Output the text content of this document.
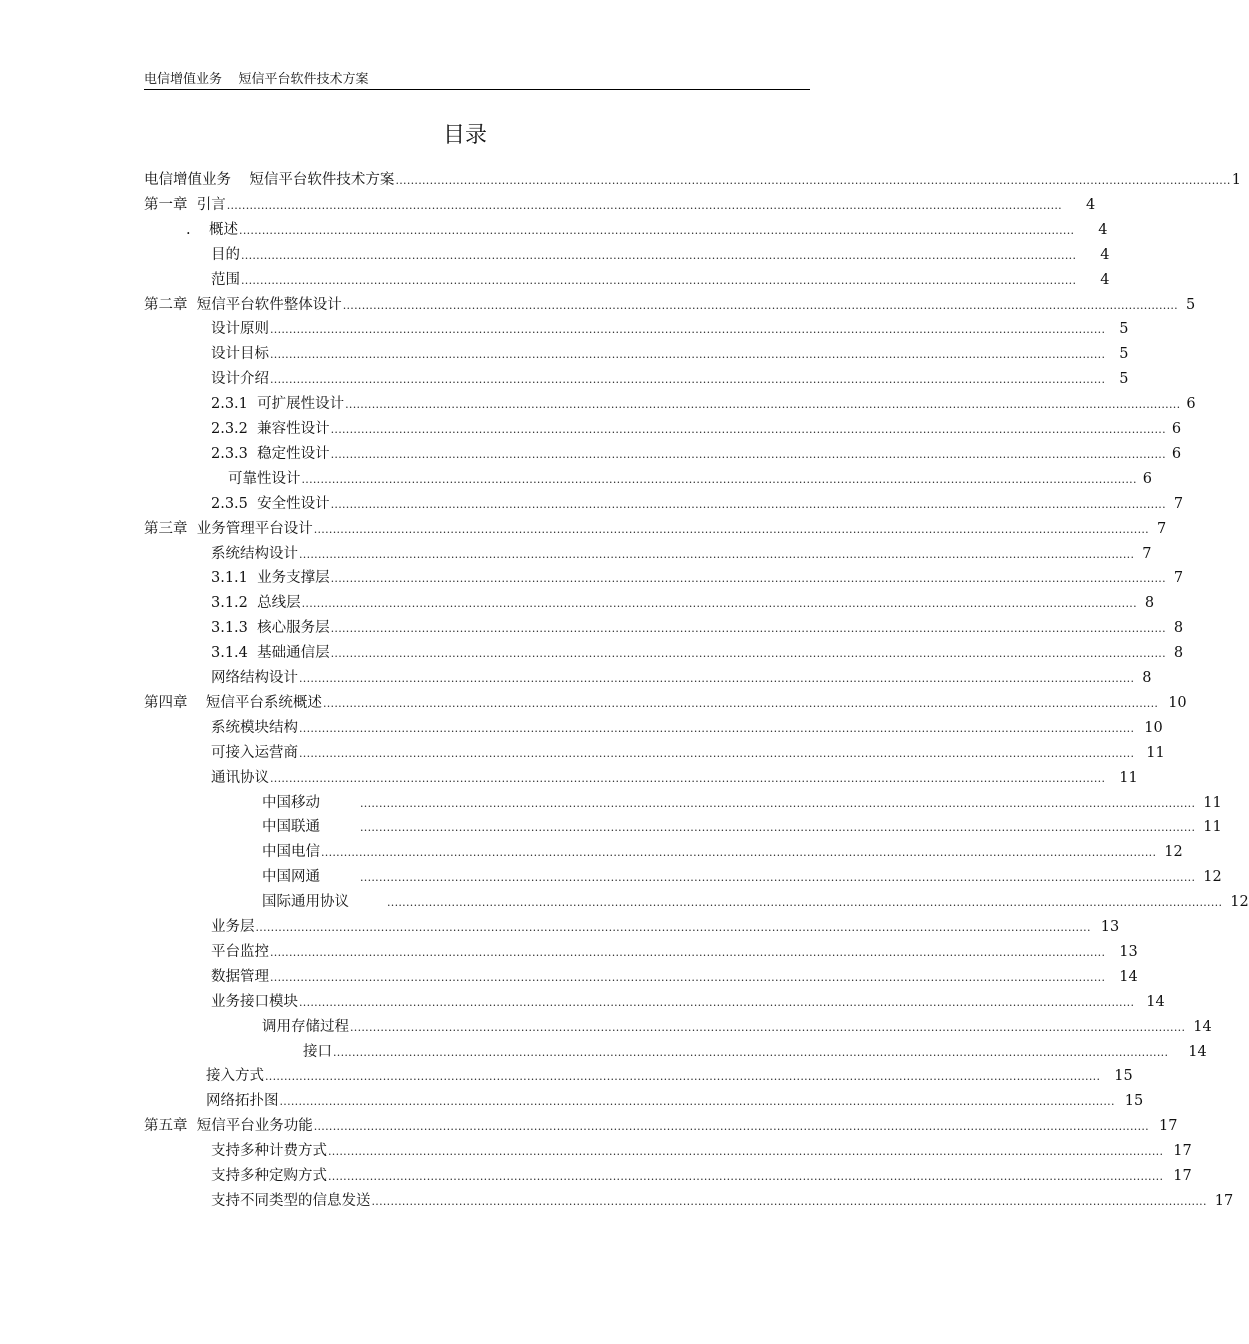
电信增值业务    短信平台软件技术方案
目录
电信增值业务    短信平台软件技术方案 ............................................................................................................................................................................................................................ 1
第一章  引言 ............................................................................................................................................................................................................................ 4
.    概述 ............................................................................................................................................................................................................................ 4
目的 ............................................................................................................................................................................................................................ 4
范围 ............................................................................................................................................................................................................................ 4
第二章  短信平台软件整体设计 ............................................................................................................................................................................................................................ 5
设计原则 ............................................................................................................................................................................................................................ 5
设计目标 ............................................................................................................................................................................................................................ 5
设计介绍 ............................................................................................................................................................................................................................ 5
2.3.1  可扩展性设计 ............................................................................................................................................................................................................................ 6
2.3.2  兼容性设计 ............................................................................................................................................................................................................................ 6
2.3.3  稳定性设计 ............................................................................................................................................................................................................................ 6
可靠性设计 ............................................................................................................................................................................................................................ 6
2.3.5  安全性设计 ............................................................................................................................................................................................................................ 7
第三章  业务管理平台设计 ............................................................................................................................................................................................................................ 7
系统结构设计 ............................................................................................................................................................................................................................ 7
3.1.1  业务支撑层 ............................................................................................................................................................................................................................ 7
3.1.2  总线层 ............................................................................................................................................................................................................................ 8
3.1.3  核心服务层 ............................................................................................................................................................................................................................ 8
3.1.4  基础通信层 ............................................................................................................................................................................................................................ 8
网络结构设计 ............................................................................................................................................................................................................................ 8
第四章    短信平台系统概述 ............................................................................................................................................................................................................................ 10
系统模块结构 ............................................................................................................................................................................................................................ 10
可接入运营商 ............................................................................................................................................................................................................................ 11
通讯协议 ............................................................................................................................................................................................................................ 11
中国移动	............................................................................................................................................................................................................................ 11
中国联通	............................................................................................................................................................................................................................ 11
中国电信 ............................................................................................................................................................................................................................ 12
中国网通	............................................................................................................................................................................................................................ 12
国际通用协议	............................................................................................................................................................................................................................ 12
业务层 ............................................................................................................................................................................................................................ 13
平台监控 ............................................................................................................................................................................................................................ 13
数据管理 ............................................................................................................................................................................................................................ 14
业务接口模块 ............................................................................................................................................................................................................................ 14
调用存储过程 ............................................................................................................................................................................................................................ 14
接口 ............................................................................................................................................................................................................................ 14
接入方式 ............................................................................................................................................................................................................................ 15
网络拓扑图 ............................................................................................................................................................................................................................ 15
第五章  短信平台业务功能 ............................................................................................................................................................................................................................ 17
支持多种计费方式 ............................................................................................................................................................................................................................ 17
支持多种定购方式 ............................................................................................................................................................................................................................ 17
支持不同类型的信息发送 ............................................................................................................................................................................................................................ 17
